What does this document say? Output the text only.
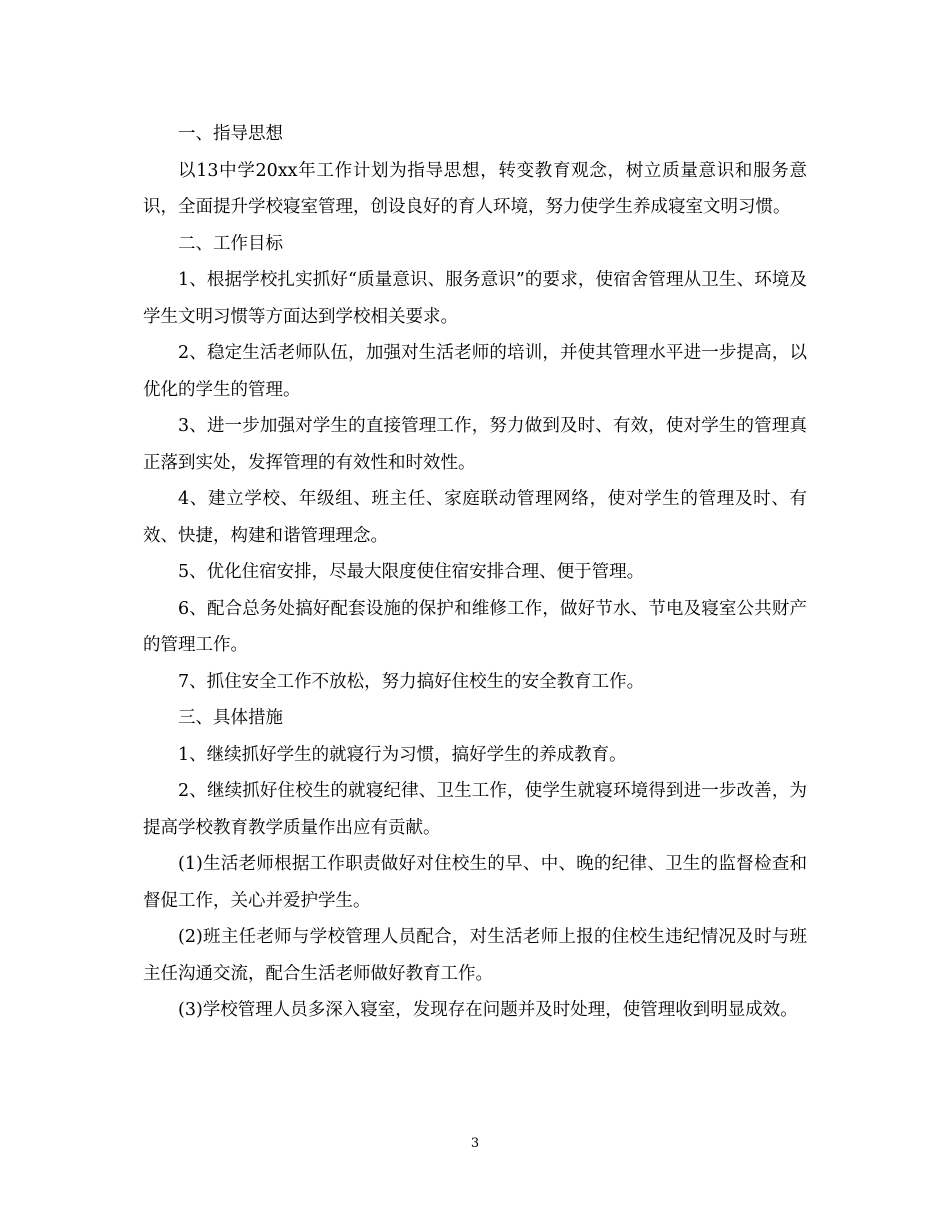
一、指导思想

以13中学20xx年工作计划为指导思想，转变教育观念，树立质量意识和服务意识，全面提升学校寝室管理，创设良好的育人环境，努力使学生养成寝室文明习惯。

二、工作目标

1、根据学校扎实抓好“质量意识、服务意识”的要求，使宿舍管理从卫生、环境及学生文明习惯等方面达到学校相关要求。

2、稳定生活老师队伍，加强对生活老师的培训，并使其管理水平进一步提高，以优化的学生的管理。

3、进一步加强对学生的直接管理工作，努力做到及时、有效，使对学生的管理真正落到实处，发挥管理的有效性和时效性。

4、建立学校、年级组、班主任、家庭联动管理网络，使对学生的管理及时、有效、快捷，构建和谐管理理念。

5、优化住宿安排，尽最大限度使住宿安排合理、便于管理。

6、配合总务处搞好配套设施的保护和维修工作，做好节水、节电及寝室公共财产的管理工作。

7、抓住安全工作不放松，努力搞好住校生的安全教育工作。

三、具体措施

1、继续抓好学生的就寝行为习惯，搞好学生的养成教育。

2、继续抓好住校生的就寝纪律、卫生工作，使学生就寝环境得到进一步改善，为提高学校教育教学质量作出应有贡献。

(1)生活老师根据工作职责做好对住校生的早、中、晚的纪律、卫生的监督检查和督促工作，关心并爱护学生。

(2)班主任老师与学校管理人员配合，对生活老师上报的住校生违纪情况及时与班主任沟通交流，配合生活老师做好教育工作。

(3)学校管理人员多深入寝室，发现存在问题并及时处理，使管理收到明显成效。

3
